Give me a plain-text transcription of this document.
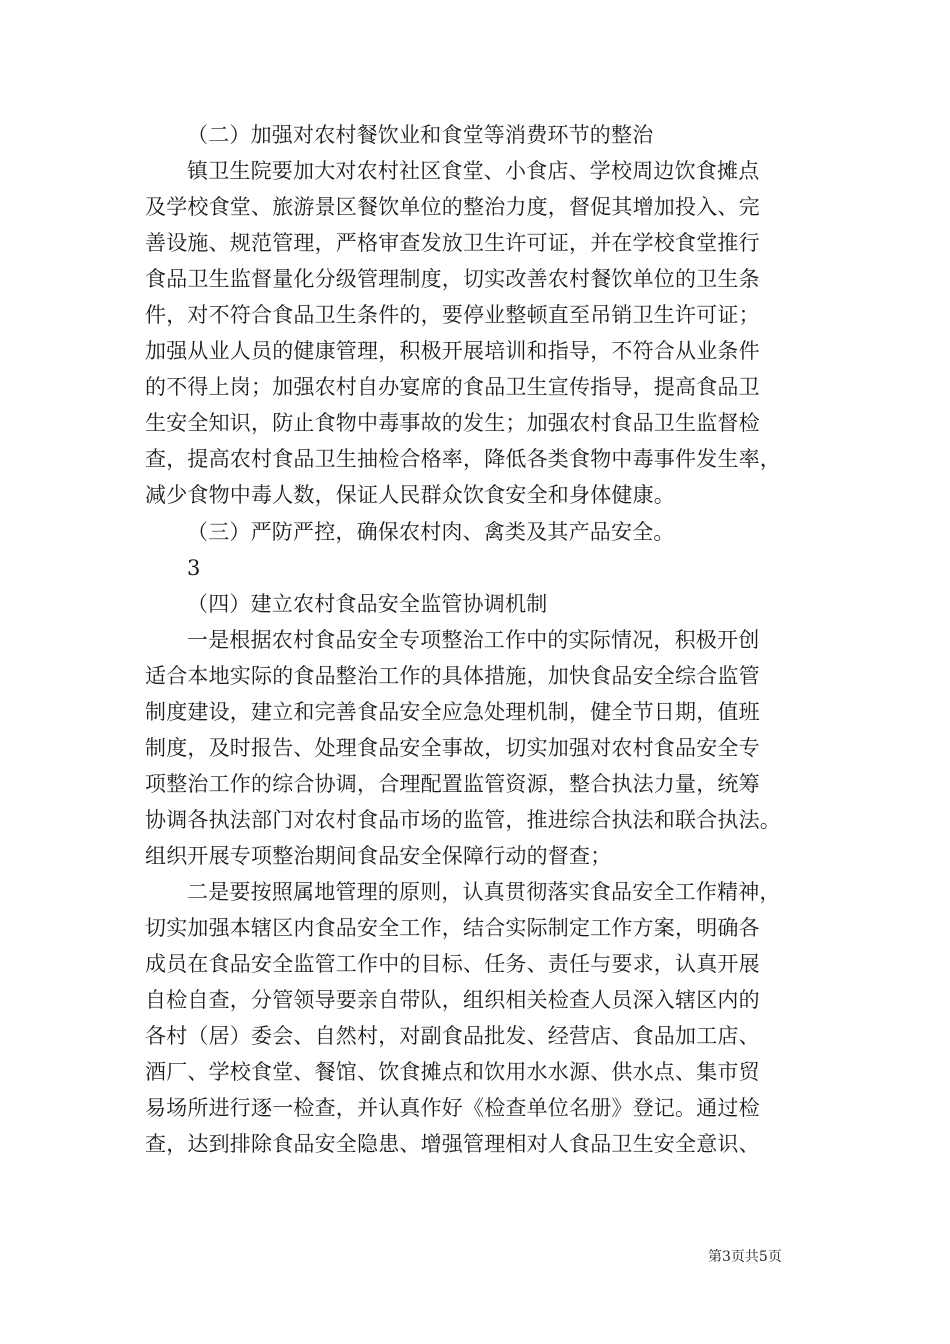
（二）加强对农村餐饮业和食堂等消费环节的整治
镇卫生院要加大对农村社区食堂、小食店、学校周边饮食摊点
及学校食堂、旅游景区餐饮单位的整治力度，督促其增加投入、完
善设施、规范管理，严格审查发放卫生许可证，并在学校食堂推行
食品卫生监督量化分级管理制度，切实改善农村餐饮单位的卫生条
件，对不符合食品卫生条件的，要停业整顿直至吊销卫生许可证；
加强从业人员的健康管理，积极开展培训和指导，不符合从业条件
的不得上岗；加强农村自办宴席的食品卫生宣传指导，提高食品卫
生安全知识，防止食物中毒事故的发生；加强农村食品卫生监督检
查，提高农村食品卫生抽检合格率，降低各类食物中毒事件发生率，
减少食物中毒人数，保证人民群众饮食安全和身体健康。
（三）严防严控，确保农村肉、禽类及其产品安全。
3
（四）建立农村食品安全监管协调机制
一是根据农村食品安全专项整治工作中的实际情况，积极开创
适合本地实际的食品整治工作的具体措施，加快食品安全综合监管
制度建设，建立和完善食品安全应急处理机制，健全节日期，值班
制度，及时报告、处理食品安全事故，切实加强对农村食品安全专
项整治工作的综合协调，合理配置监管资源，整合执法力量，统筹
协调各执法部门对农村食品市场的监管，推进综合执法和联合执法。
组织开展专项整治期间食品安全保障行动的督查；
二是要按照属地管理的原则，认真贯彻落实食品安全工作精神，
切实加强本辖区内食品安全工作，结合实际制定工作方案，明确各
成员在食品安全监管工作中的目标、任务、责任与要求，认真开展
自检自查，分管领导要亲自带队，组织相关检查人员深入辖区内的
各村（居）委会、自然村，对副食品批发、经营店、食品加工店、
酒厂、学校食堂、餐馆、饮食摊点和饮用水水源、供水点、集市贸
易场所进行逐一检查，并认真作好《检查单位名册》登记。通过检
查，达到排除食品安全隐患、增强管理相对人食品卫生安全意识、
第3页共5页
